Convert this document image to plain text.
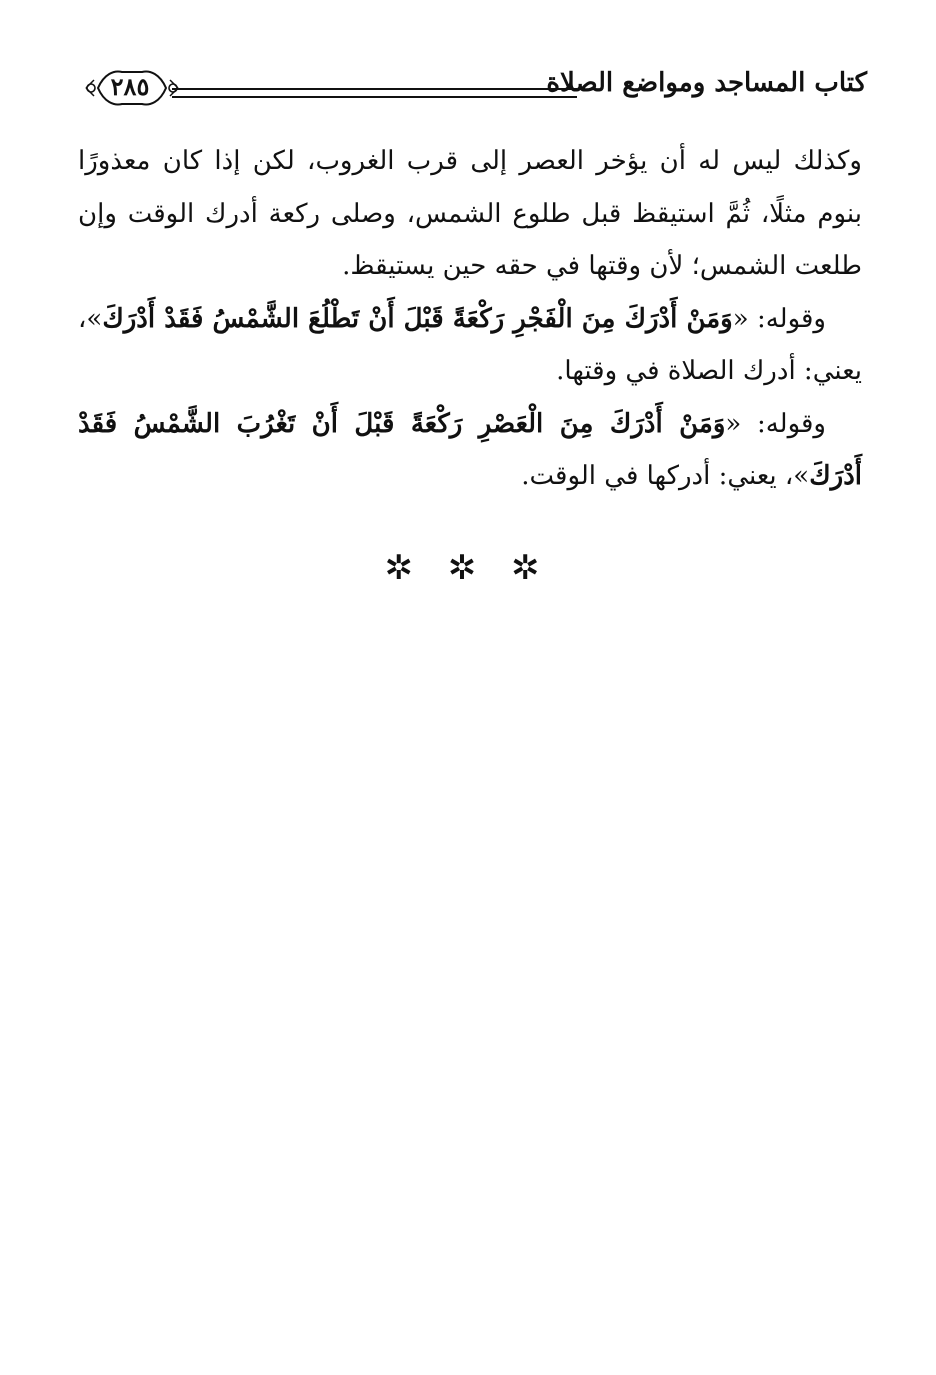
كتاب المساجد ومواضع الصلاة
٢٨٥

وكذلك ليس له أن يؤخر العصر إلى قرب الغروب، لكن إذا كان معذورًا بنوم مثلًا، ثُمَّ استيقظ قبل طلوع الشمس، وصلى ركعة أدرك الوقت وإن طلعت الشمس؛ لأن وقتها في حقه حين يستيقظ.

وقوله: «وَمَنْ أَدْرَكَ مِنَ الْفَجْرِ رَكْعَةً قَبْلَ أَنْ تَطْلُعَ الشَّمْسُ فَقَدْ أَدْرَكَ»، يعني: أدرك الصلاة في وقتها.

وقوله: «وَمَنْ أَدْرَكَ مِنَ الْعَصْرِ رَكْعَةً قَبْلَ أَنْ تَغْرُبَ الشَّمْسُ فَقَدْ أَدْرَكَ»، يعني: أدركها في الوقت.

✲ ✲ ✲
